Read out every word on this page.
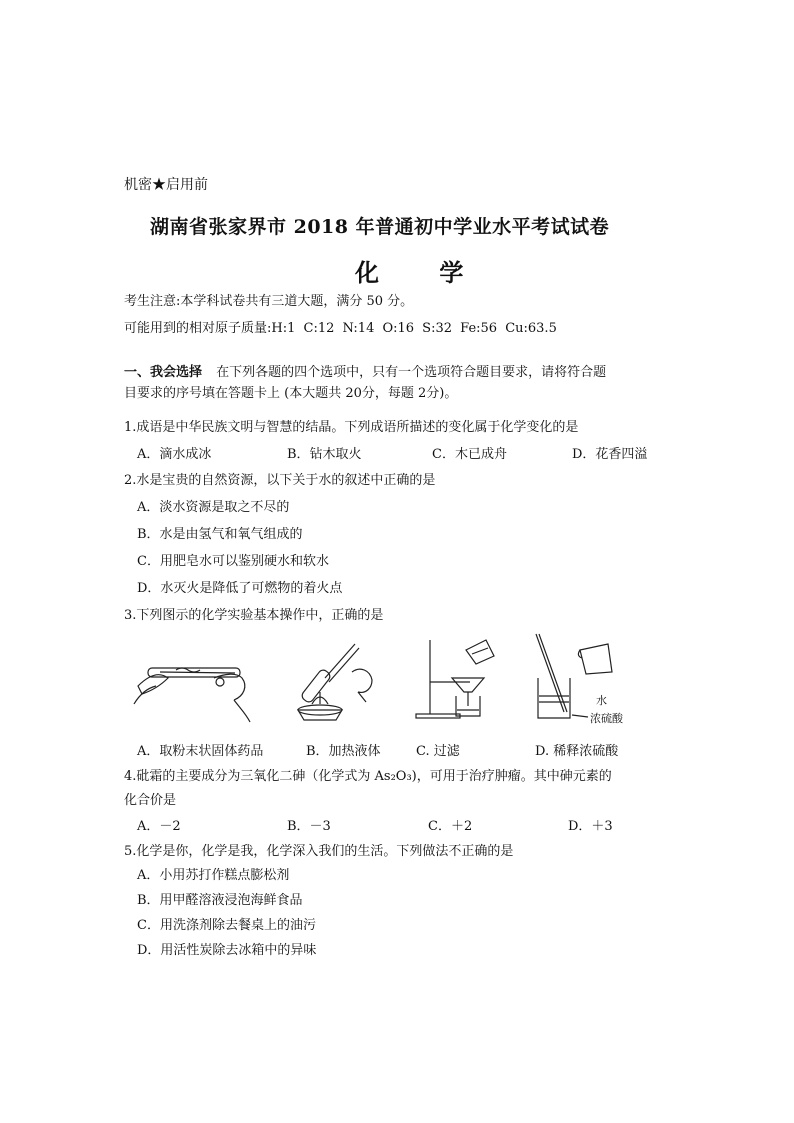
机密★启用前
湖南省张家界市 2018 年普通初中学业水平考试试卷
化 学
考生注意:本学科试卷共有三道大题，满分 50 分。
可能用到的相对原子质量:H:1 C:12 N:14 O:16 S:32 Fe:56 Cu:63.5
一、我会选择 在下列各题的四个选项中，只有一个选项符合题目要求，请将符合题
目要求的序号填在答题卡上 (本大题共 20分，每题 2分)。
1.成语是中华民族文明与智慧的结晶。下列成语所描述的变化属于化学变化的是
A．滴水成冰	B．钻木取火	C．木已成舟	D．花香四溢
2.水是宝贵的自然资源，以下关于水的叙述中正确的是
A．淡水资源是取之不尽的
B．水是由氢气和氧气组成的
C．用肥皂水可以鉴别硬水和软水
D．水灭火是降低了可燃物的着火点
3.下列图示的化学实验基本操作中，正确的是
水
浓硫酸
A．取粉末状固体药品	B．加热液体	C. 过滤	D. 稀释浓硫酸
4.砒霜的主要成分为三氧化二砷（化学式为 As₂O₃)，可用于治疗肿瘤。其中砷元素的
化合价是
A．－2	B．－3	C．＋2	D．＋3
5.化学是你，化学是我，化学深入我们的生活。下列做法不正确的是
A．小用苏打作糕点膨松剂
B．用甲醛溶液浸泡海鲜食品
C．用洗涤剂除去餐桌上的油污
D．用活性炭除去冰箱中的异味
